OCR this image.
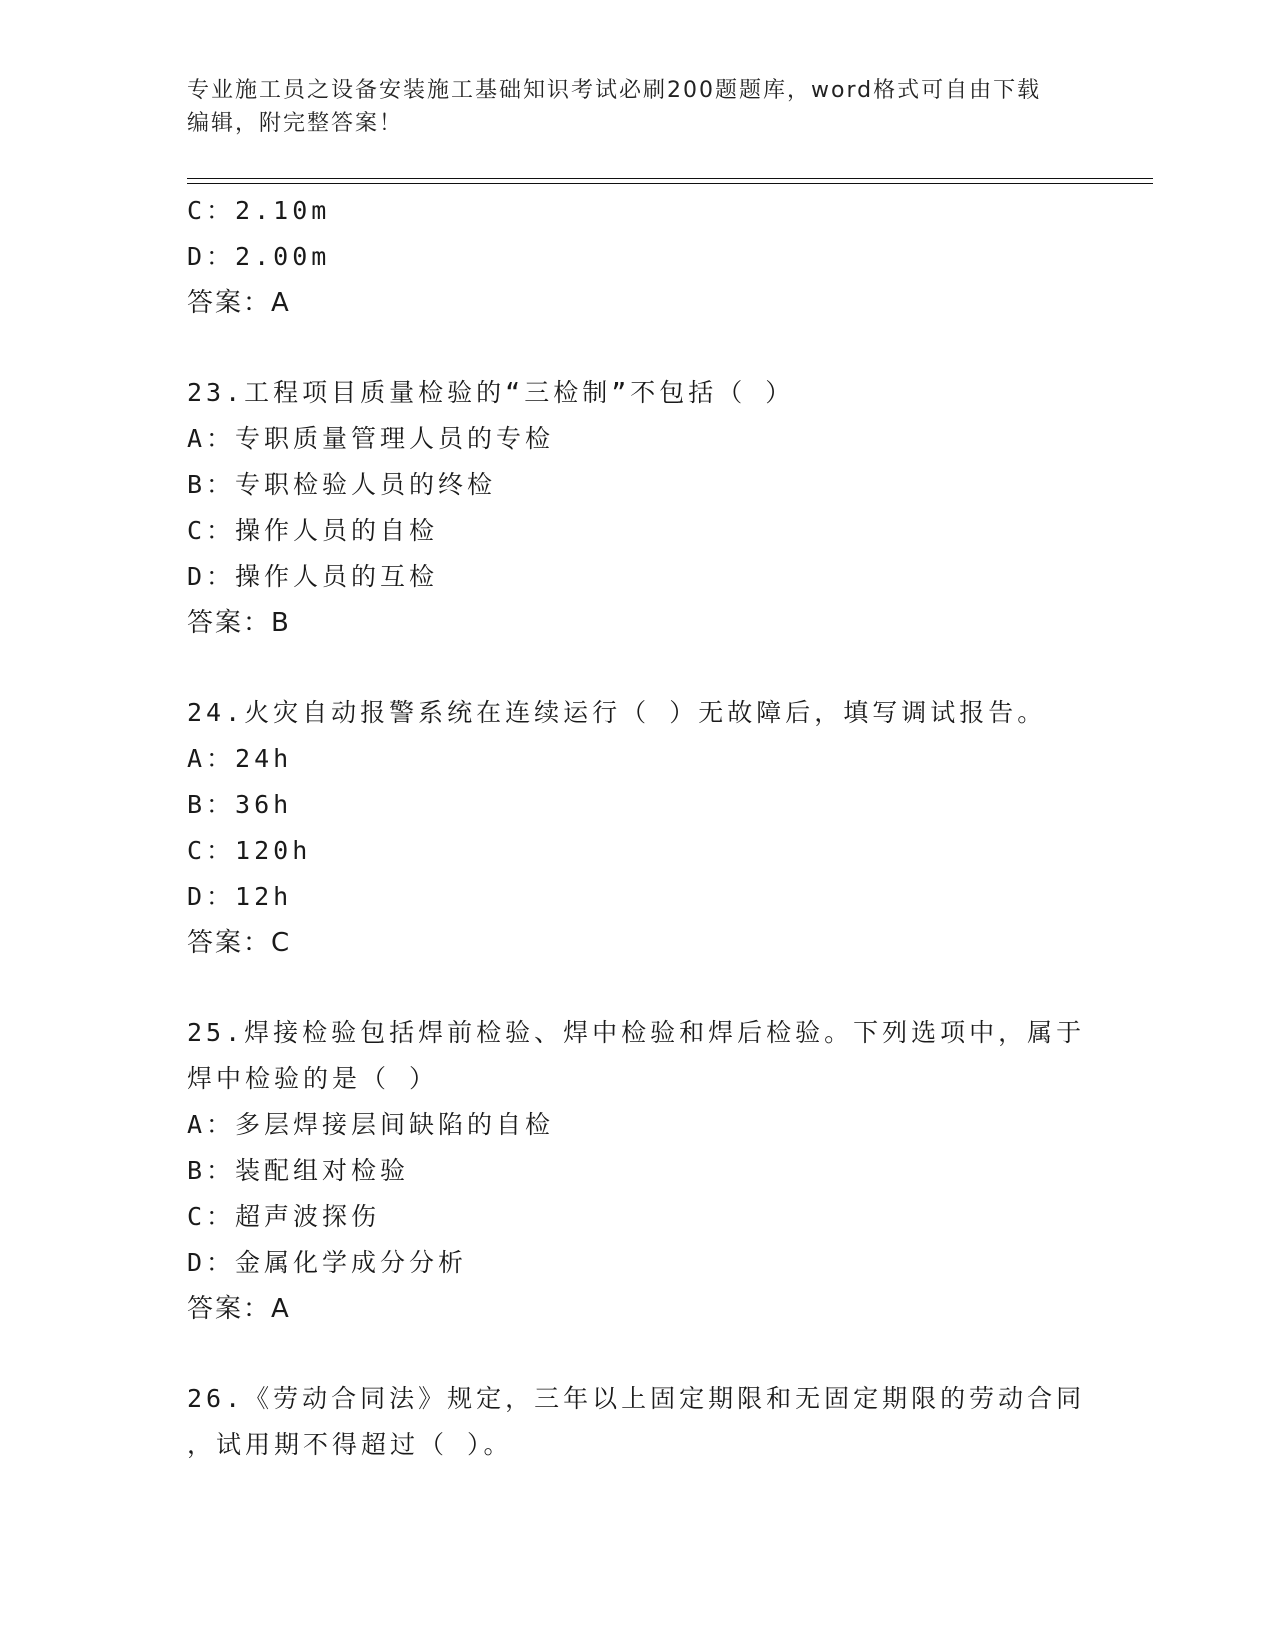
专业施工员之设备安装施工基础知识考试必刷200题题库，word格式可自由下载
编辑，附完整答案！
C：2.10m
D：2.00m
答案：A
23.工程项目质量检验的“三检制”不包括（ ）
A：专职质量管理人员的专检
B：专职检验人员的终检
C：操作人员的自检
D：操作人员的互检
答案：B
24.火灾自动报警系统在连续运行（ ）无故障后，填写调试报告。
A：24h
B：36h
C：120h
D：12h
答案：C
25.焊接检验包括焊前检验、焊中检验和焊后检验。下列选项中，属于
焊中检验的是（ ）
A：多层焊接层间缺陷的自检
B：装配组对检验
C：超声波探伤
D：金属化学成分分析
答案：A
26.《劳动合同法》规定，三年以上固定期限和无固定期限的劳动合同
，试用期不得超过（ ）。
